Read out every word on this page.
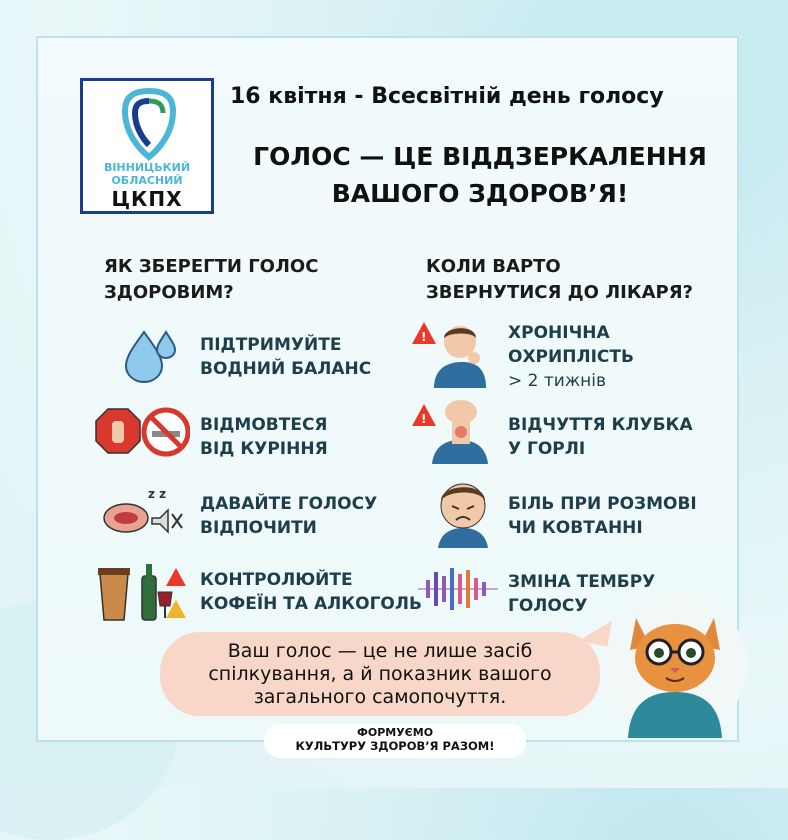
ВІННИЦЬКИЙ
ОБЛАСНИЙ
ЦКПХ
16 квітня - Всесвітній день голосу
ГОЛОС — ЦЕ ВІДДЗЕРКАЛЕННЯ
ВАШОГО ЗДОРОВ’Я!
ЯК ЗБЕРЕГТИ ГОЛОС
ЗДОРОВИМ?
ПІДТРИМУЙТЕ
ВОДНИЙ БАЛАНС
ВІДМОВТЕСЯ
ВІД КУРІННЯ
z z ДАВАЙТЕ ГОЛОСУ
ВІДПОЧИТИ
КОНТРОЛЮЙТЕ
КОФЕЇН ТА АЛКОГОЛЬ
КОЛИ ВАРТО
ЗВЕРНУТИСЯ ДО ЛІКАРЯ?
!	ХРОНІЧНА
ОХРИПЛІСТЬ
> 2 тижнів
!	ВІДЧУТТЯ КЛУБКА
У ГОРЛІ
БІЛЬ ПРИ РОЗМОВІ
ЧИ КОВТАННІ
ЗМІНА ТЕМБРУ
ГОЛОСУ
Ваш голос — це не лише засіб
спілкування, а й показник вашого
загального самопочуття.
ФОРМУЄМО
КУЛЬТУРУ ЗДОРОВ’Я РАЗОМ!
